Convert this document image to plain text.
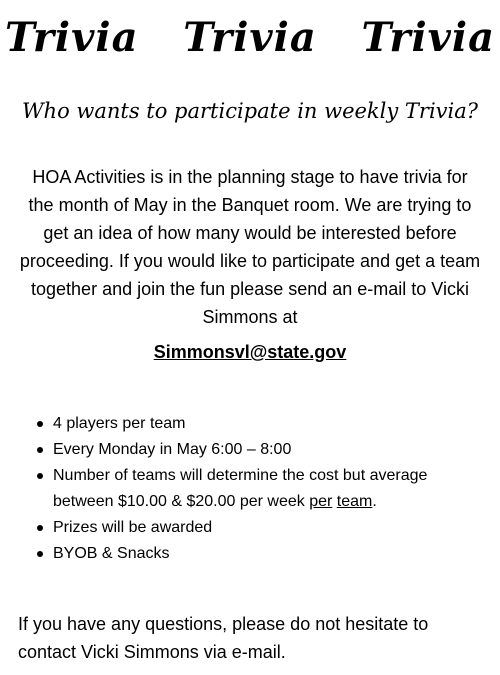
Trivia   Trivia   Trivia
Who wants to participate in weekly Trivia?
HOA Activities is in the planning stage to have trivia for the month of May in the Banquet room. We are trying to get an idea of how many would be interested before proceeding. If you would like to participate and get a team together and join the fun please send an e-mail to Vicki Simmons at
Simmonsvl@state.gov
4 players per team
Every Monday in May 6:00 – 8:00
Number of teams will determine the cost but average between $10.00 & $20.00 per week per team.
Prizes will be awarded
BYOB & Snacks
If you have any questions, please do not hesitate to contact Vicki Simmons via e-mail.
